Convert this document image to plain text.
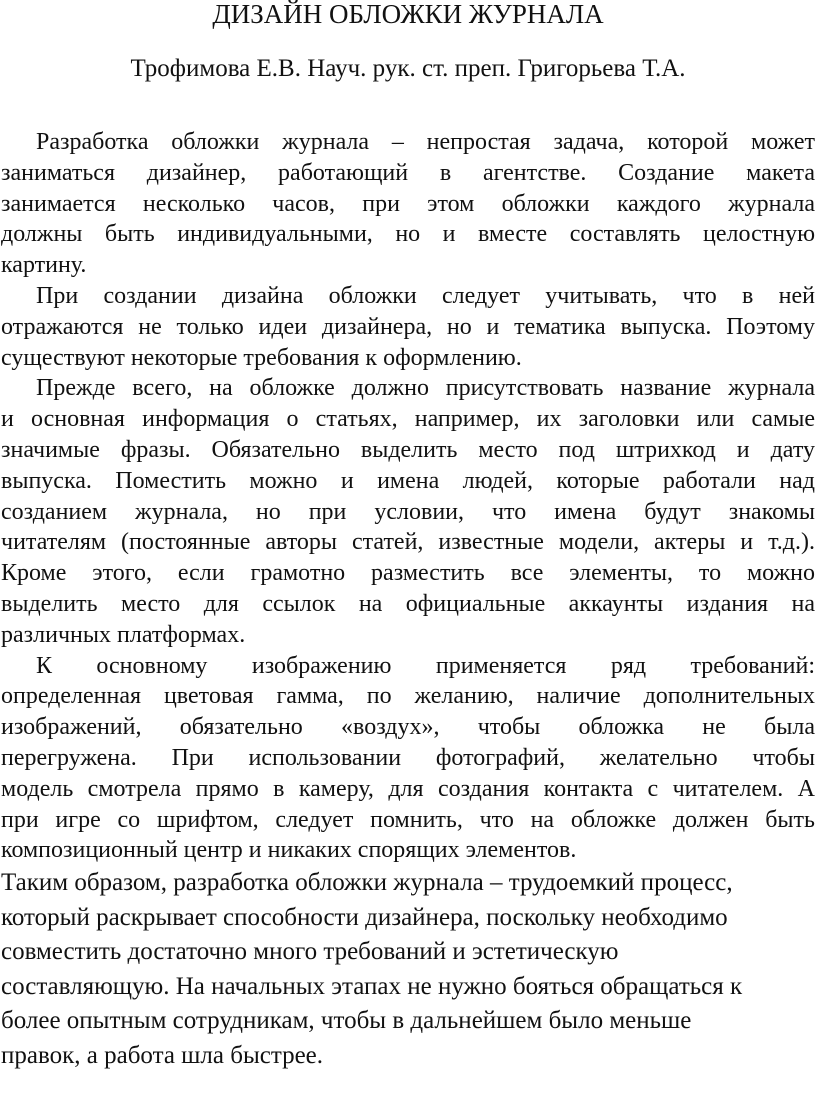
ДИЗАЙН ОБЛОЖКИ ЖУРНАЛА
Трофимова Е.В. Науч. рук. ст. преп. Григорьева Т.А.
Разработка обложки журнала – непростая задача, которой может
заниматься дизайнер, работающий в агентстве. Создание макета
занимается несколько часов, при этом обложки каждого журнала
должны быть индивидуальными, но и вместе составлять целостную
картину.
При создании дизайна обложки следует учитывать, что в ней
отражаются не только идеи дизайнера, но и тематика выпуска. Поэтому
существуют некоторые требования к оформлению.
Прежде всего, на обложке должно присутствовать название журнала
и основная информация о статьях, например, их заголовки или самые
значимые фразы. Обязательно выделить место под штрихкод и дату
выпуска. Поместить можно и имена людей, которые работали над
созданием журнала, но при условии, что имена будут знакомы
читателям (постоянные авторы статей, известные модели, актеры и т.д.).
Кроме этого, если грамотно разместить все элементы, то можно
выделить место для ссылок на официальные аккаунты издания на
различных платформах.
К основному изображению применяется ряд требований:
определенная цветовая гамма, по желанию, наличие дополнительных
изображений, обязательно «воздух», чтобы обложка не была
перегружена. При использовании фотографий, желательно чтобы
модель смотрела прямо в камеру, для создания контакта с читателем. А
при игре со шрифтом, следует помнить, что на обложке должен быть
композиционный центр и никаких спорящих элементов.
Таким образом, разработка обложки журнала – трудоемкий процесс,
который раскрывает способности дизайнера, поскольку необходимо
совместить достаточно много требований и эстетическую
составляющую. На начальных этапах не нужно бояться обращаться к
более опытным сотрудникам, чтобы в дальнейшем было меньше
правок, а работа шла быстрее.
